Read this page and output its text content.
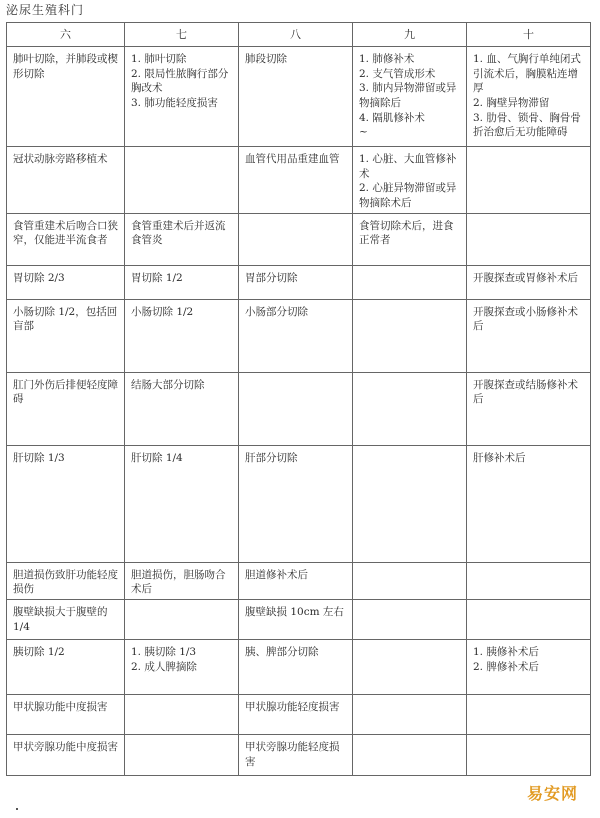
泌尿生殖科门
六	七	八	九	十

肺叶切除，并肺段或楔形切除	1. 肺叶切除
2. 限局性脓胸行部分胸改术
3. 肺功能轻度损害	肺段切除	1. 肺修补术
2. 支气管成形术
3. 肺内异物滞留或异物摘除后
4. 隔肌修补术
~	1. 血、气胸行单纯闭式引流术后，胸膜粘连增厚
2. 胸壁异物滞留
3. 肋骨、锁骨、胸骨骨折治愈后无功能障碍

冠状动脉旁路移植术		血管代用品重建血管	1. 心脏、大血管修补术
2. 心脏异物滞留或异物摘除术后	

食管重建术后吻合口狭窄，仅能进半流食者	食管重建术后并返流食管炎		食管切除术后，进食正常者	

胃切除 2/3	胃切除 1/2	胃部分切除		开腹探查或胃修补术后

小肠切除 1/2，包括回盲部	小肠切除 1/2	小肠部分切除		开腹探查或小肠修补术后

肛门外伤后排便轻度障碍	结肠大部分切除			开腹探查或结肠修补术后

肝切除 1/3	肝切除 1/4	肝部分切除		肝修补术后

胆道损伤致肝功能轻度损伤	胆道损伤，胆肠吻合术后	胆道修补术后		

腹壁缺损大于腹壁的 1/4		腹壁缺损 10cm 左右		

胰切除 1/2	1. 胰切除 1/3
2. 成人脾摘除	胰、脾部分切除		1. 胰修补术后
2. 脾修补术后

甲状腺功能中度损害		甲状腺功能轻度损害		

甲状旁腺功能中度损害		甲状旁腺功能轻度损害		

易安网
